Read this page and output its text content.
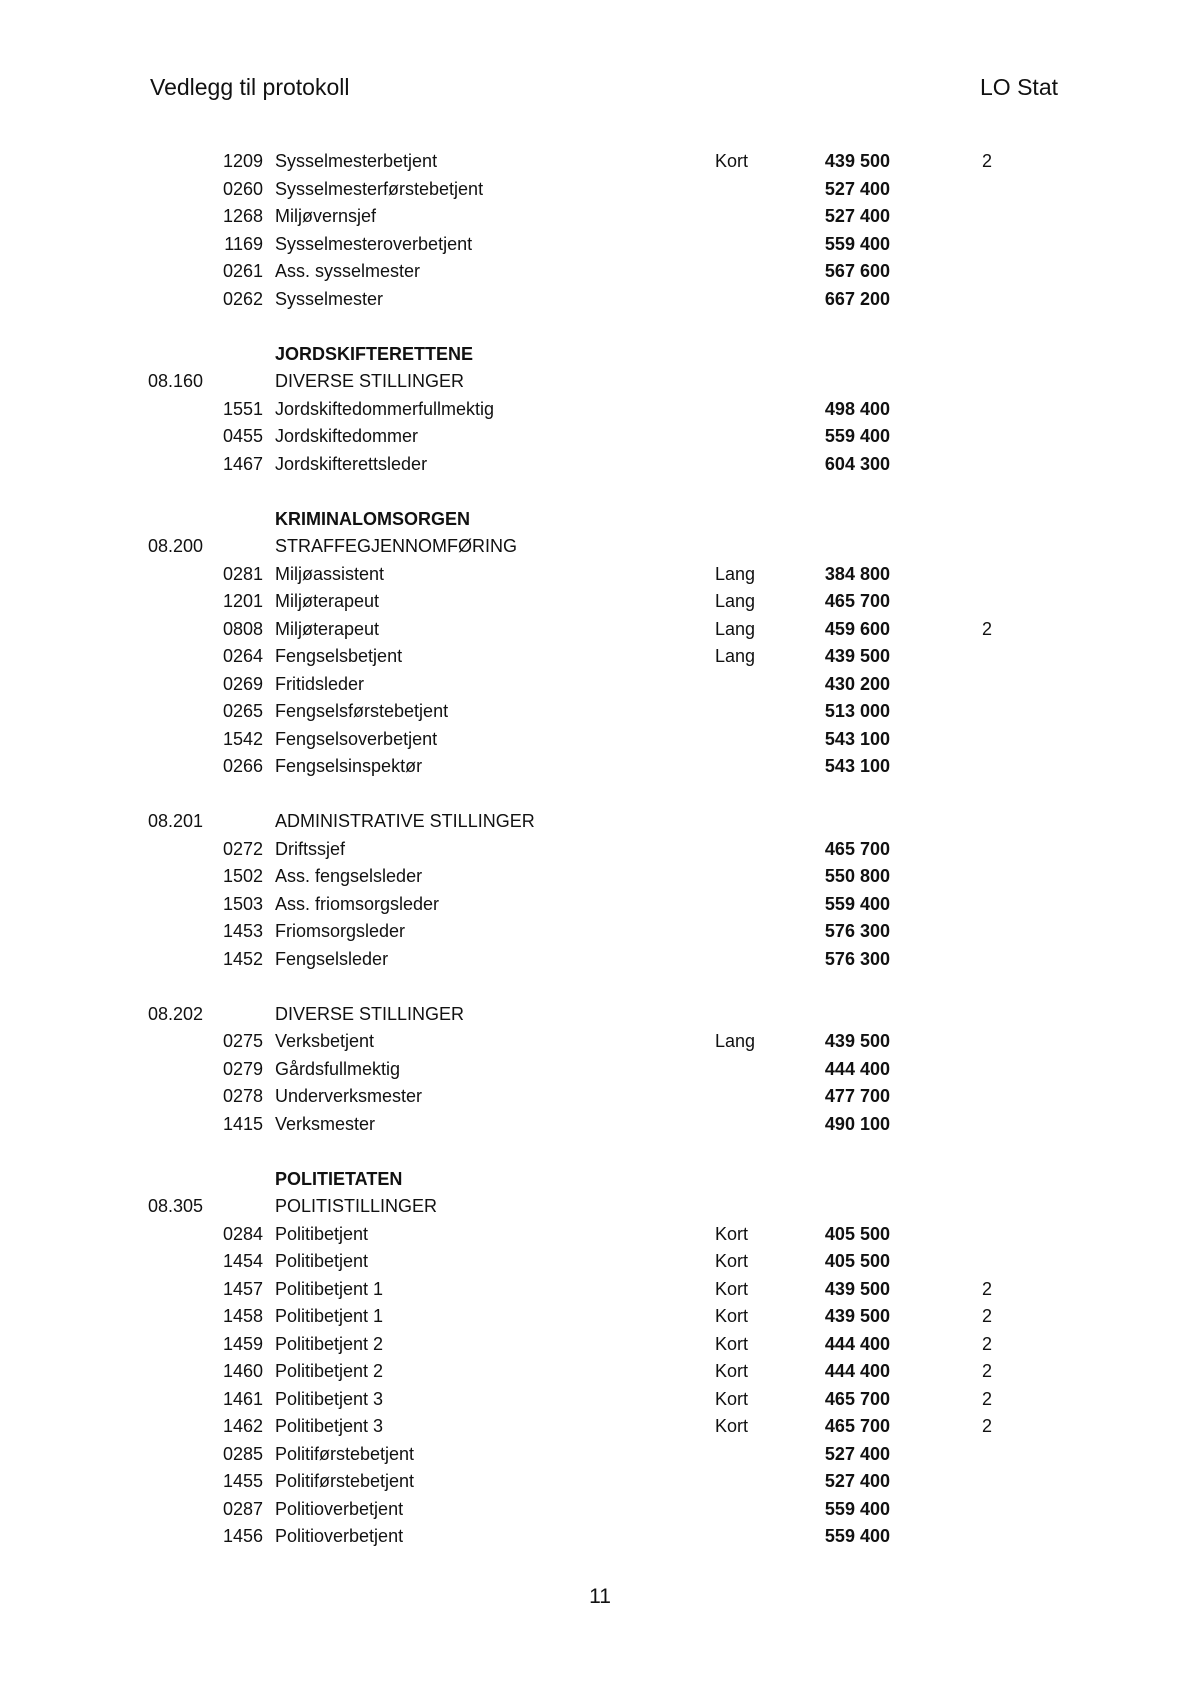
Vedlegg til protokoll	LO Stat
1209 Sysselmesterbetjent	Kort	439 500	2
0260 Sysselmesterførstebetjent	527 400
1268 Miljøvernsjef	527 400
1169 Sysselmesteroverbetjent	559 400
0261 Ass. sysselmester	567 600
0262 Sysselmester	667 200
JORDSKIFTERETTENE
08.160	DIVERSE STILLINGER
1551 Jordskiftedommerfullmektig	498 400
0455 Jordskiftedommer	559 400
1467 Jordskifterettsleder	604 300
KRIMINALOMSORGEN
08.200	STRAFFEGJENNOMFØRING
0281 Miljøassistent	Lang	384 800
1201 Miljøterapeut	Lang	465 700
0808 Miljøterapeut	Lang	459 600	2
0264 Fengselsbetjent	Lang	439 500
0269 Fritidsleder	430 200
0265 Fengselsførstebetjent	513 000
1542 Fengselsoverbetjent	543 100
0266 Fengselsinspektør	543 100
08.201	ADMINISTRATIVE STILLINGER
0272 Driftssjef	465 700
1502 Ass. fengselsleder	550 800
1503 Ass. friomsorgsleder	559 400
1453 Friomsorgsleder	576 300
1452 Fengselsleder	576 300
08.202	DIVERSE STILLINGER
0275 Verksbetjent	Lang	439 500
0279 Gårdsfullmektig	444 400
0278 Underverksmester	477 700
1415 Verksmester	490 100
POLITIETATEN
08.305	POLITISTILLINGER
0284 Politibetjent	Kort	405 500
1454 Politibetjent	Kort	405 500
1457 Politibetjent 1	Kort	439 500	2
1458 Politibetjent 1	Kort	439 500	2
1459 Politibetjent 2	Kort	444 400	2
1460 Politibetjent 2	Kort	444 400	2
1461 Politibetjent 3	Kort	465 700	2
1462 Politibetjent 3	Kort	465 700	2
0285 Politiførstebetjent	527 400
1455 Politiførstebetjent	527 400
0287 Politioverbetjent	559 400
1456 Politioverbetjent	559 400
11
